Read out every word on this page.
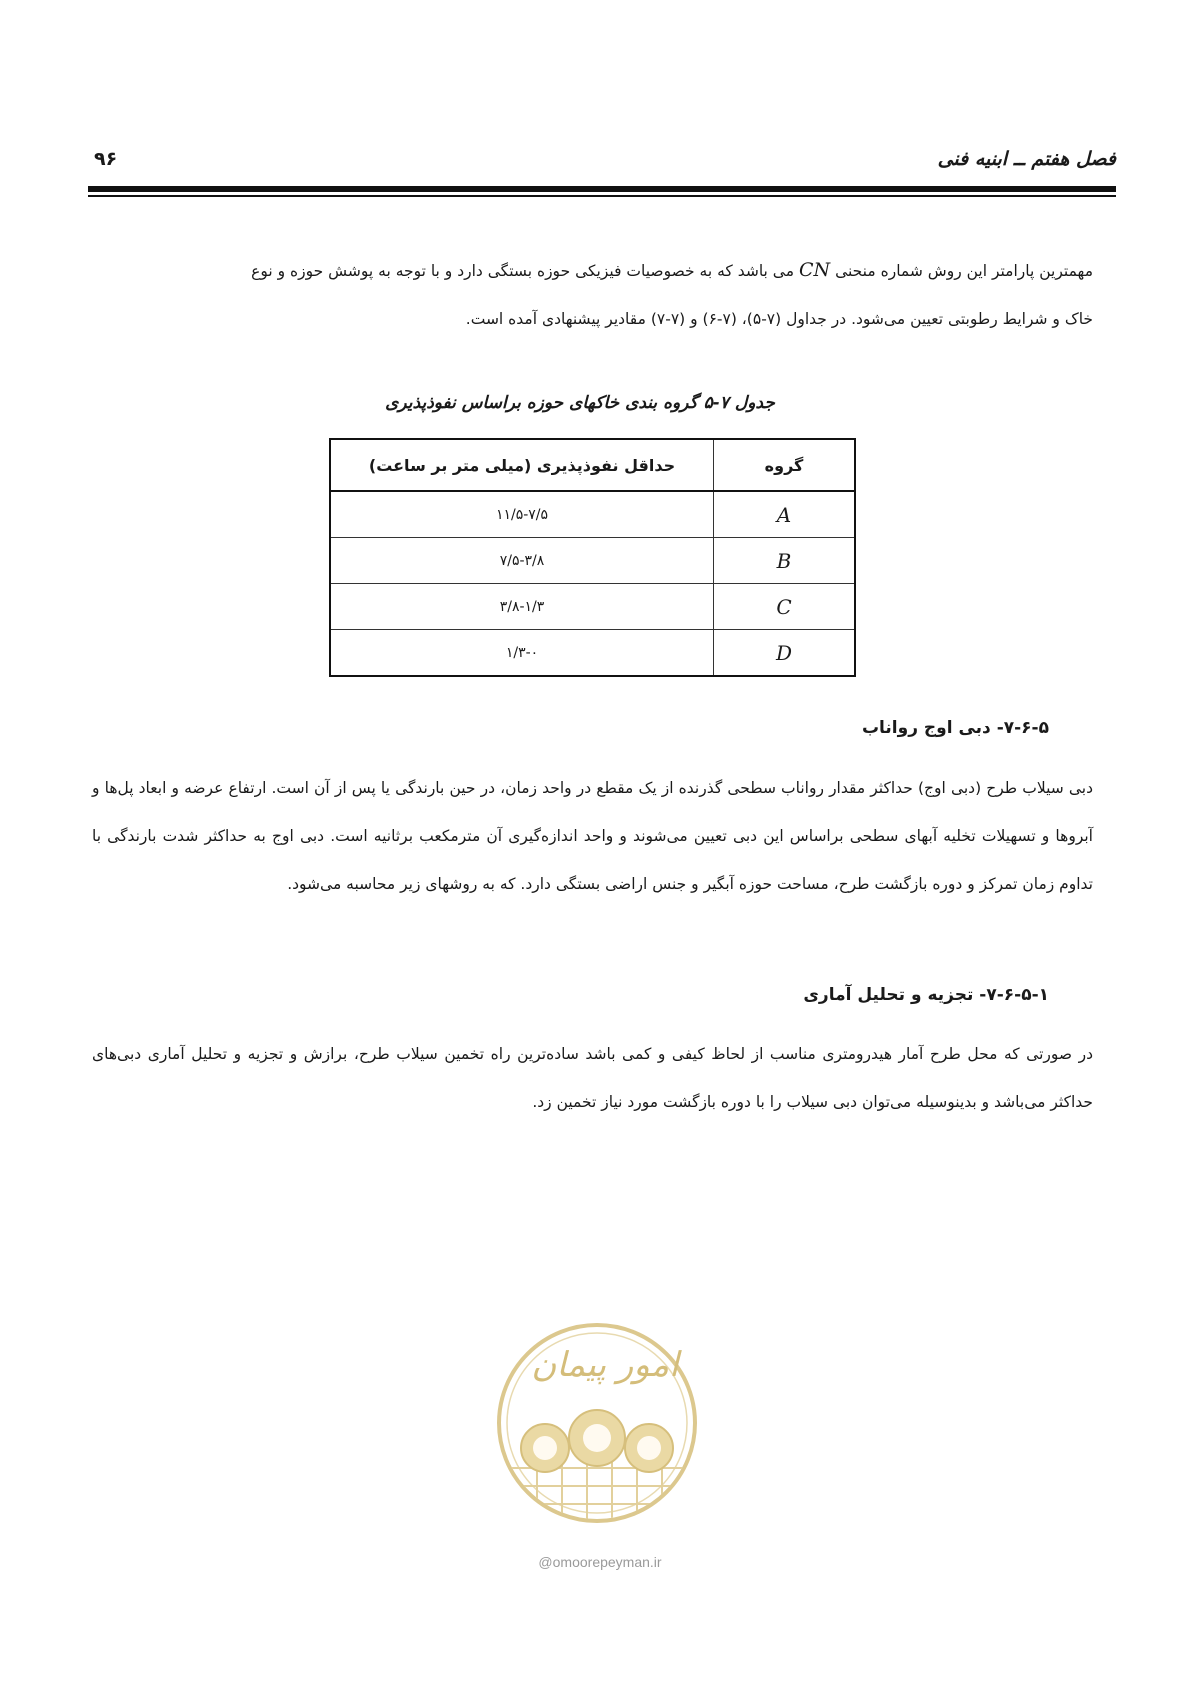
فصل هفتم ــ ابنیه فنی
۹۶

مهمترین پارامتر این روش شماره منحنی CN می باشد که به خصوصیات فیزیکی حوزه بستگی دارد و با توجه به پوشش حوزه و نوع

خاک و شرایط رطوبتی تعیین می‌شود. در جداول (۷-۵)، (۷-۶) و (۷-۷) مقادیر پیشنهادی آمده است.

جدول ۷-۵ گروه بندی خاکهای حوزه براساس نفوذپذیری
گروه	حداقل نفوذپذیری (میلی متر بر ساعت)
A	۱۱/۵-۷/۵
B	۷/۵-۳/۸
C	۳/۸-۱/۳
D	۱/۳-۰
۷-۶-۵- دبی اوج رواناب

دبی سیلاب طرح (دبی اوج) حداکثر مقدار رواناب سطحی گذرنده از یک مقطع در واحد زمان، در حین بارندگی یا پس از آن است. ارتفاع عرضه و ابعاد پل‌ها و آبروها و تسهیلات تخلیه آبهای سطحی براساس این دبی تعیین می‌شوند و واحد اندازه‌گیری آن مترمکعب برثانیه است. دبی اوج به حداکثر شدت بارندگی با تداوم زمان تمرکز و دوره بازگشت طرح، مساحت حوزه آبگیر و جنس اراضی بستگی دارد. که به روشهای زیر محاسبه می‌شود.

۷-۶-۵-۱- تجزیه و تحلیل آماری

در صورتی که محل طرح آمار هیدرومتری مناسب از لحاظ کیفی و کمی باشد ساده‌ترین راه تخمین سیلاب طرح، برازش و تجزیه و تحلیل آماری دبی‌های حداکثر می‌باشد و بدینوسیله می‌توان دبی سیلاب را با دوره بازگشت مورد نیاز تخمین زد.

امور پیمان
@omoorepeyman.ir
